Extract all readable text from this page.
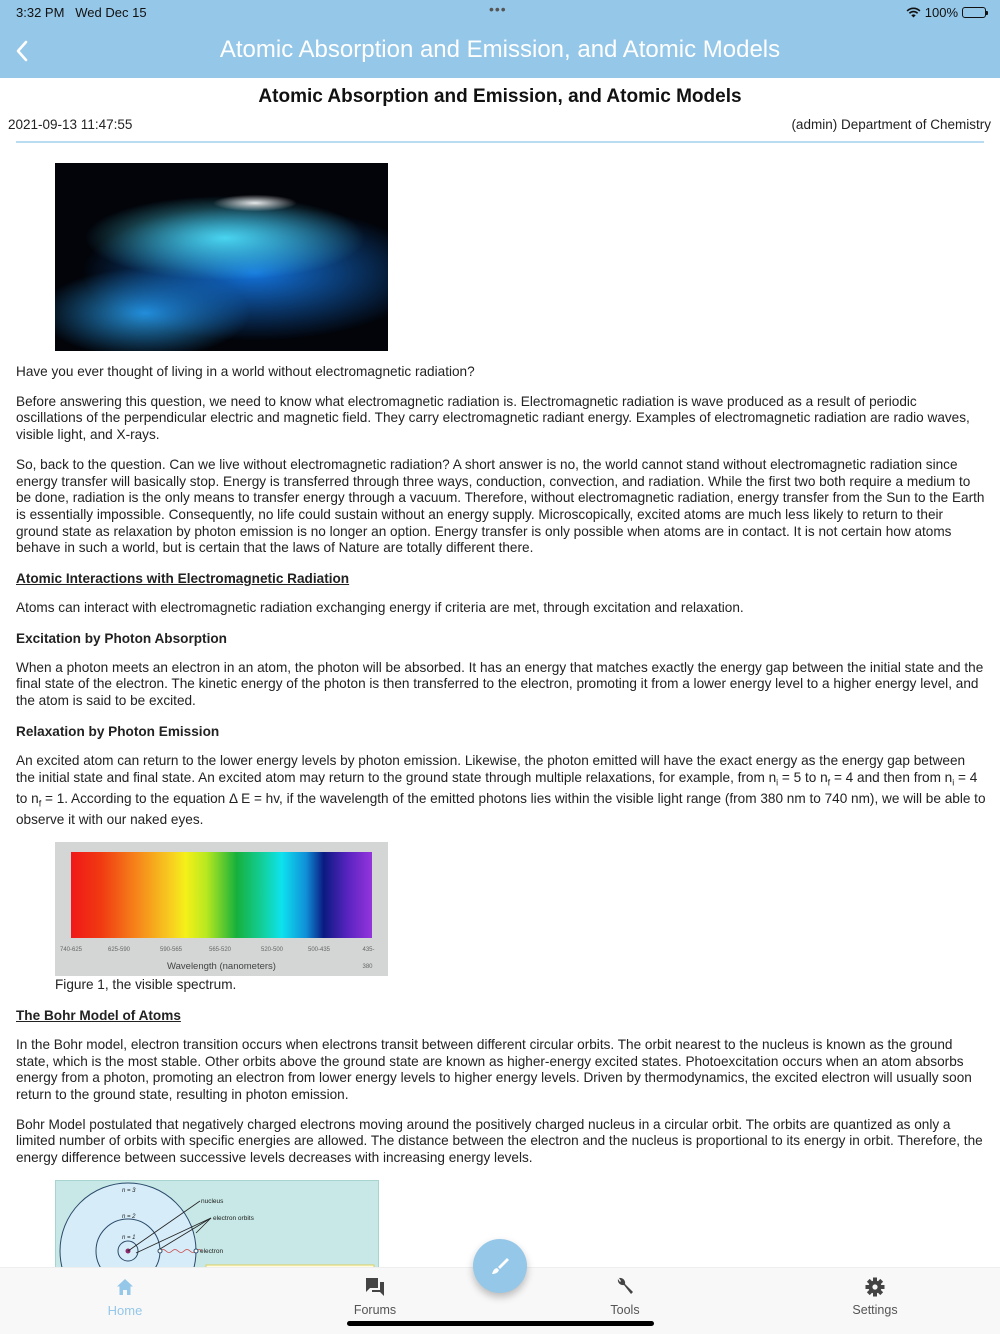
3:32 PM Wed Dec 15	•••	100%
Atomic Absorption and Emission, and Atomic Models
Atomic Absorption and Emission, and Atomic Models
2021-09-13 11:47:55	(admin) Department of Chemistry

Have you ever thought of living in a world without electromagnetic radiation?

Before answering this question, we need to know what electromagnetic radiation is. Electromagnetic radiation is wave produced as a result of periodic oscillations of the perpendicular electric and magnetic field. They carry electromagnetic radiant energy. Examples of electromagnetic radiation are radio waves, visible light, and X-rays.

So, back to the question. Can we live without electromagnetic radiation? A short answer is no, the world cannot stand without electromagnetic radiation since energy transfer will basically stop. Energy is transferred through three ways, conduction, convection, and radiation. While the first two both require a medium to be done, radiation is the only means to transfer energy through a vacuum. Therefore, without electromagnetic radiation, energy transfer from the Sun to the Earth is essentially impossible. Consequently, no life could sustain without an energy supply. Microscopically, excited atoms are much less likely to return to their ground state as relaxation by photon emission is no longer an option. Energy transfer is only possible when atoms are in contact. It is not certain how atoms behave in such a world, but is certain that the laws of Nature are totally different there.

Atomic Interactions with Electromagnetic Radiation

Atoms can interact with electromagnetic radiation exchanging energy if criteria are met, through excitation and relaxation.

Excitation by Photon Absorption

When a photon meets an electron in an atom, the photon will be absorbed. It has an energy that matches exactly the energy gap between the initial state and the final state of the electron. The kinetic energy of the photon is then transferred to the electron, promoting it from a lower energy level to a higher energy level, and the atom is said to be excited.

Relaxation by Photon Emission

An excited atom can return to the lower energy levels by photon emission. Likewise, the photon emitted will have the exact energy as the energy gap between the initial state and final state. An excited atom may return to the ground state through multiple relaxations, for example, from $n_i = 5$ to $n_f = 4$ and then from $n_i = 4$ to $n_f = 1$. According to the equation Δ E = hv, if the wavelength of the emitted photons lies within the visible light range (from 380 nm to 740 nm), we will be able to observe it with our naked eyes.

740-625	625-590	590-565	565-520	520-500	500-435	435-380
Wavelength (nanometers)
Figure 1, the visible spectrum.
The Bohr Model of Atoms

In the Bohr model, electron transition occurs when electrons transit between different circular orbits. The orbit nearest to the nucleus is known as the ground state, which is the most stable. Other orbits above the ground state are known as higher-energy excited states. Photoexcitation occurs when an atom absorbs energy from a photon, promoting an electron from lower energy levels to higher energy levels. Driven by thermodynamics, the excited electron will usually soon return to the ground state, resulting in photon emission.

Bohr Model postulated that negatively charged electrons moving around the positively charged nucleus in a circular orbit. The orbits are quantized as only a limited number of orbits with specific energies are allowed. The distance between the electron and the nucleus is proportional to its energy in orbit. Therefore, the energy difference between successive levels decreases with increasing energy levels.

n = 3
n = 2
n = 1
nucleus
electron orbits
electron
Home	Forums	Tools	Settings
